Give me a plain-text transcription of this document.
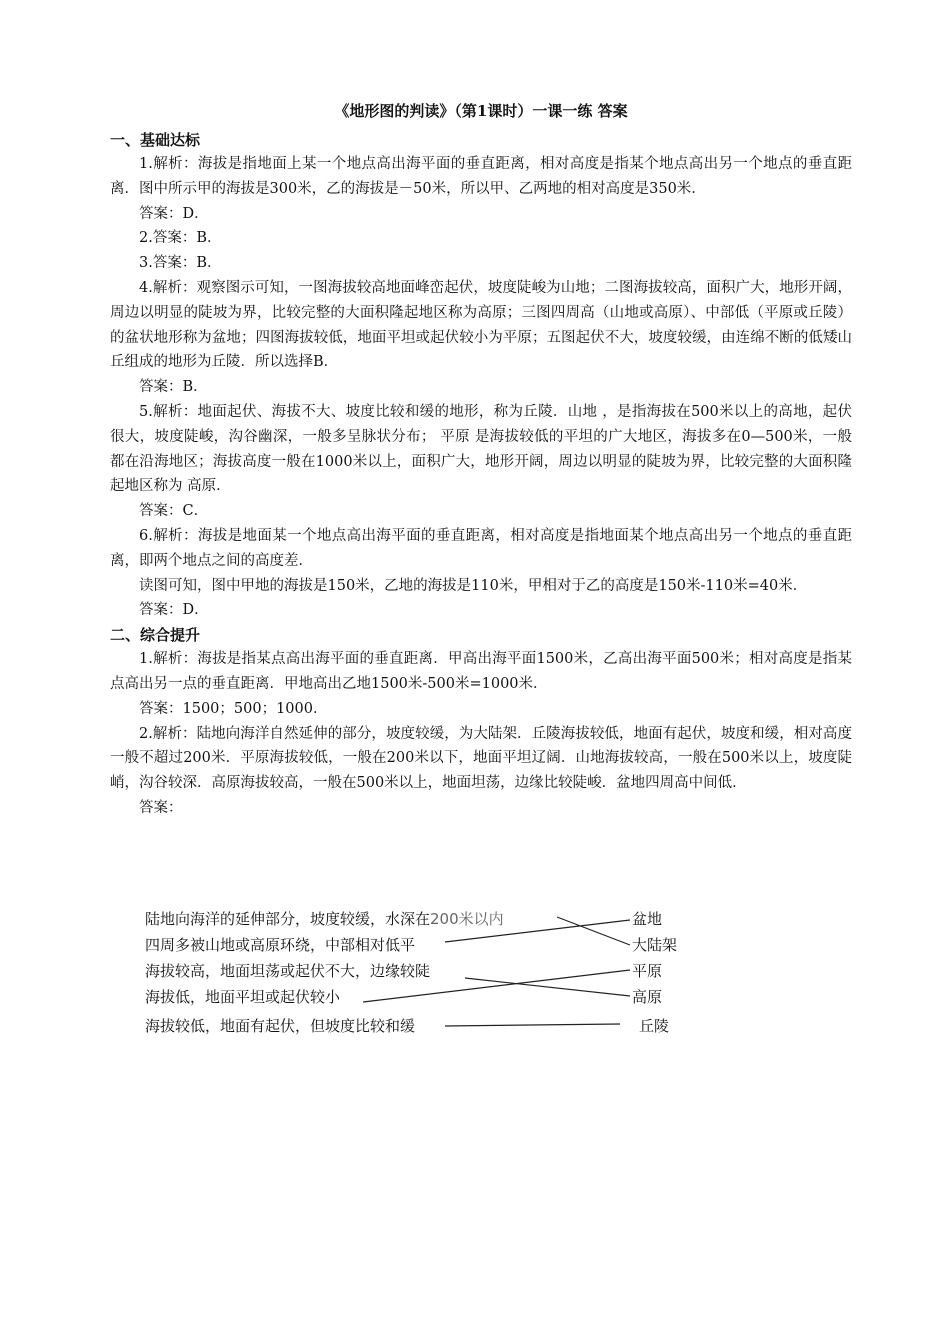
《地形图的判读》（第1课时）一课一练 答案
一、基础达标

1.解析：海拔是指地面上某一个地点高出海平面的垂直距离，相对高度是指某个地点高出另一个地点的垂直距离．图中所示甲的海拔是300米，乙的海拔是－50米，所以甲、乙两地的相对高度是350米．

答案：D．

2.答案：B．

3.答案：B．

4.解析：观察图示可知，一图海拔较高地面峰峦起伏，坡度陡峻为山地；二图海拔较高，面积广大，地形开阔，周边以明显的陡坡为界，比较完整的大面积隆起地区称为高原；三图四周高（山地或高原）、中部低（平原或丘陵）的盆状地形称为盆地；四图海拔较低，地面平坦或起伏较小为平原；五图起伏不大，坡度较缓，由连绵不断的低矮山丘组成的地形为丘陵．所以选择B．

答案：B．

5.解析：地面起伏、海拔不大、坡度比较和缓的地形，称为丘陵．山地 ，是指海拔在500米以上的高地，起伏很大，坡度陡峻，沟谷幽深，一般多呈脉状分布； 平原 是海拔较低的平坦的广大地区，海拔多在0—500米，一般都在沿海地区；海拔高度一般在1000米以上，面积广大，地形开阔，周边以明显的陡坡为界，比较完整的大面积隆起地区称为 高原．

答案：C．

6.解析：海拔是地面某一个地点高出海平面的垂直距离，相对高度是指地面某个地点高出另一个地点的垂直距离，即两个地点之间的高度差．

读图可知，图中甲地的海拔是150米，乙地的海拔是110米，甲相对于乙的高度是150米-110米=40米．

答案：D．

二、综合提升

1.解析：海拔是指某点高出海平面的垂直距离．甲高出海平面1500米，乙高出海平面500米；相对高度是指某点高出另一点的垂直距离．甲地高出乙地1500米-500米=1000米．

答案：1500；500；1000．

2.解析：陆地向海洋自然延伸的部分，坡度较缓，为大陆架．丘陵海拔较低，地面有起伏，坡度和缓，相对高度一般不超过200米．平原海拔较低，一般在200米以下，地面平坦辽阔．山地海拔较高，一般在500米以上，坡度陡峭，沟谷较深．高原海拔较高，一般在500米以上，地面坦荡，边缘比较陡峻．盆地四周高中间低．

答案：

陆地向海洋的延伸部分，坡度较缓，水深在200米以内
四周多被山地或高原环绕，中部相对低平
海拔较高，地面坦荡或起伏不大，边缘较陡
海拔低，地面平坦或起伏较小
海拔较低，地面有起伏，但坡度比较和缓
盆地
大陆架
平原
高原
丘陵
